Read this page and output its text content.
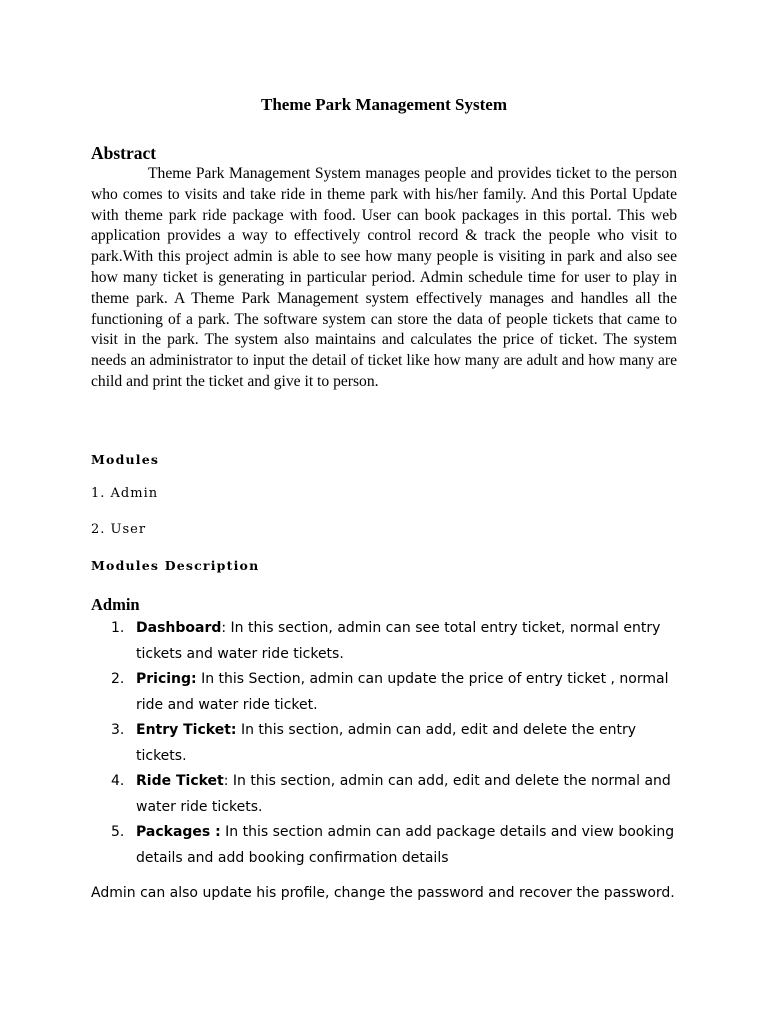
Theme Park Management System
Abstract

Theme Park Management System manages people and provides ticket to the person who comes to visits and take ride in theme park with his/her family. And this Portal Update with theme park ride package with food. User can book packages in this portal. This web application provides a way to effectively control record & track the people who visit to park.With this project admin is able to see how many people is visiting in park and also see how many ticket is generating in particular period. Admin schedule time for user to play in theme park. A Theme Park Management system effectively manages and handles all the functioning of a park. The software system can store the data of people tickets that came to visit in the park. The system also maintains and calculates the price of ticket. The system needs an administrator to input the detail of ticket like how many are adult and how many are child and print the ticket and give it to person.

Modules
1. Admin
2. User
Modules Description
Admin
1. Dashboard: In this section, admin can see total entry ticket, normal entry tickets and water ride tickets.
2. Pricing: In this Section, admin can update the price of entry ticket , normal ride and water ride ticket.
3. Entry Ticket: In this section, admin can add, edit and delete the entry tickets.
4. Ride Ticket: In this section, admin can add, edit and delete the normal and water ride tickets.
5. Packages : In this section admin can add package details and view booking details and add booking confirmation details

Admin can also update his profile, change the password and recover the password.
